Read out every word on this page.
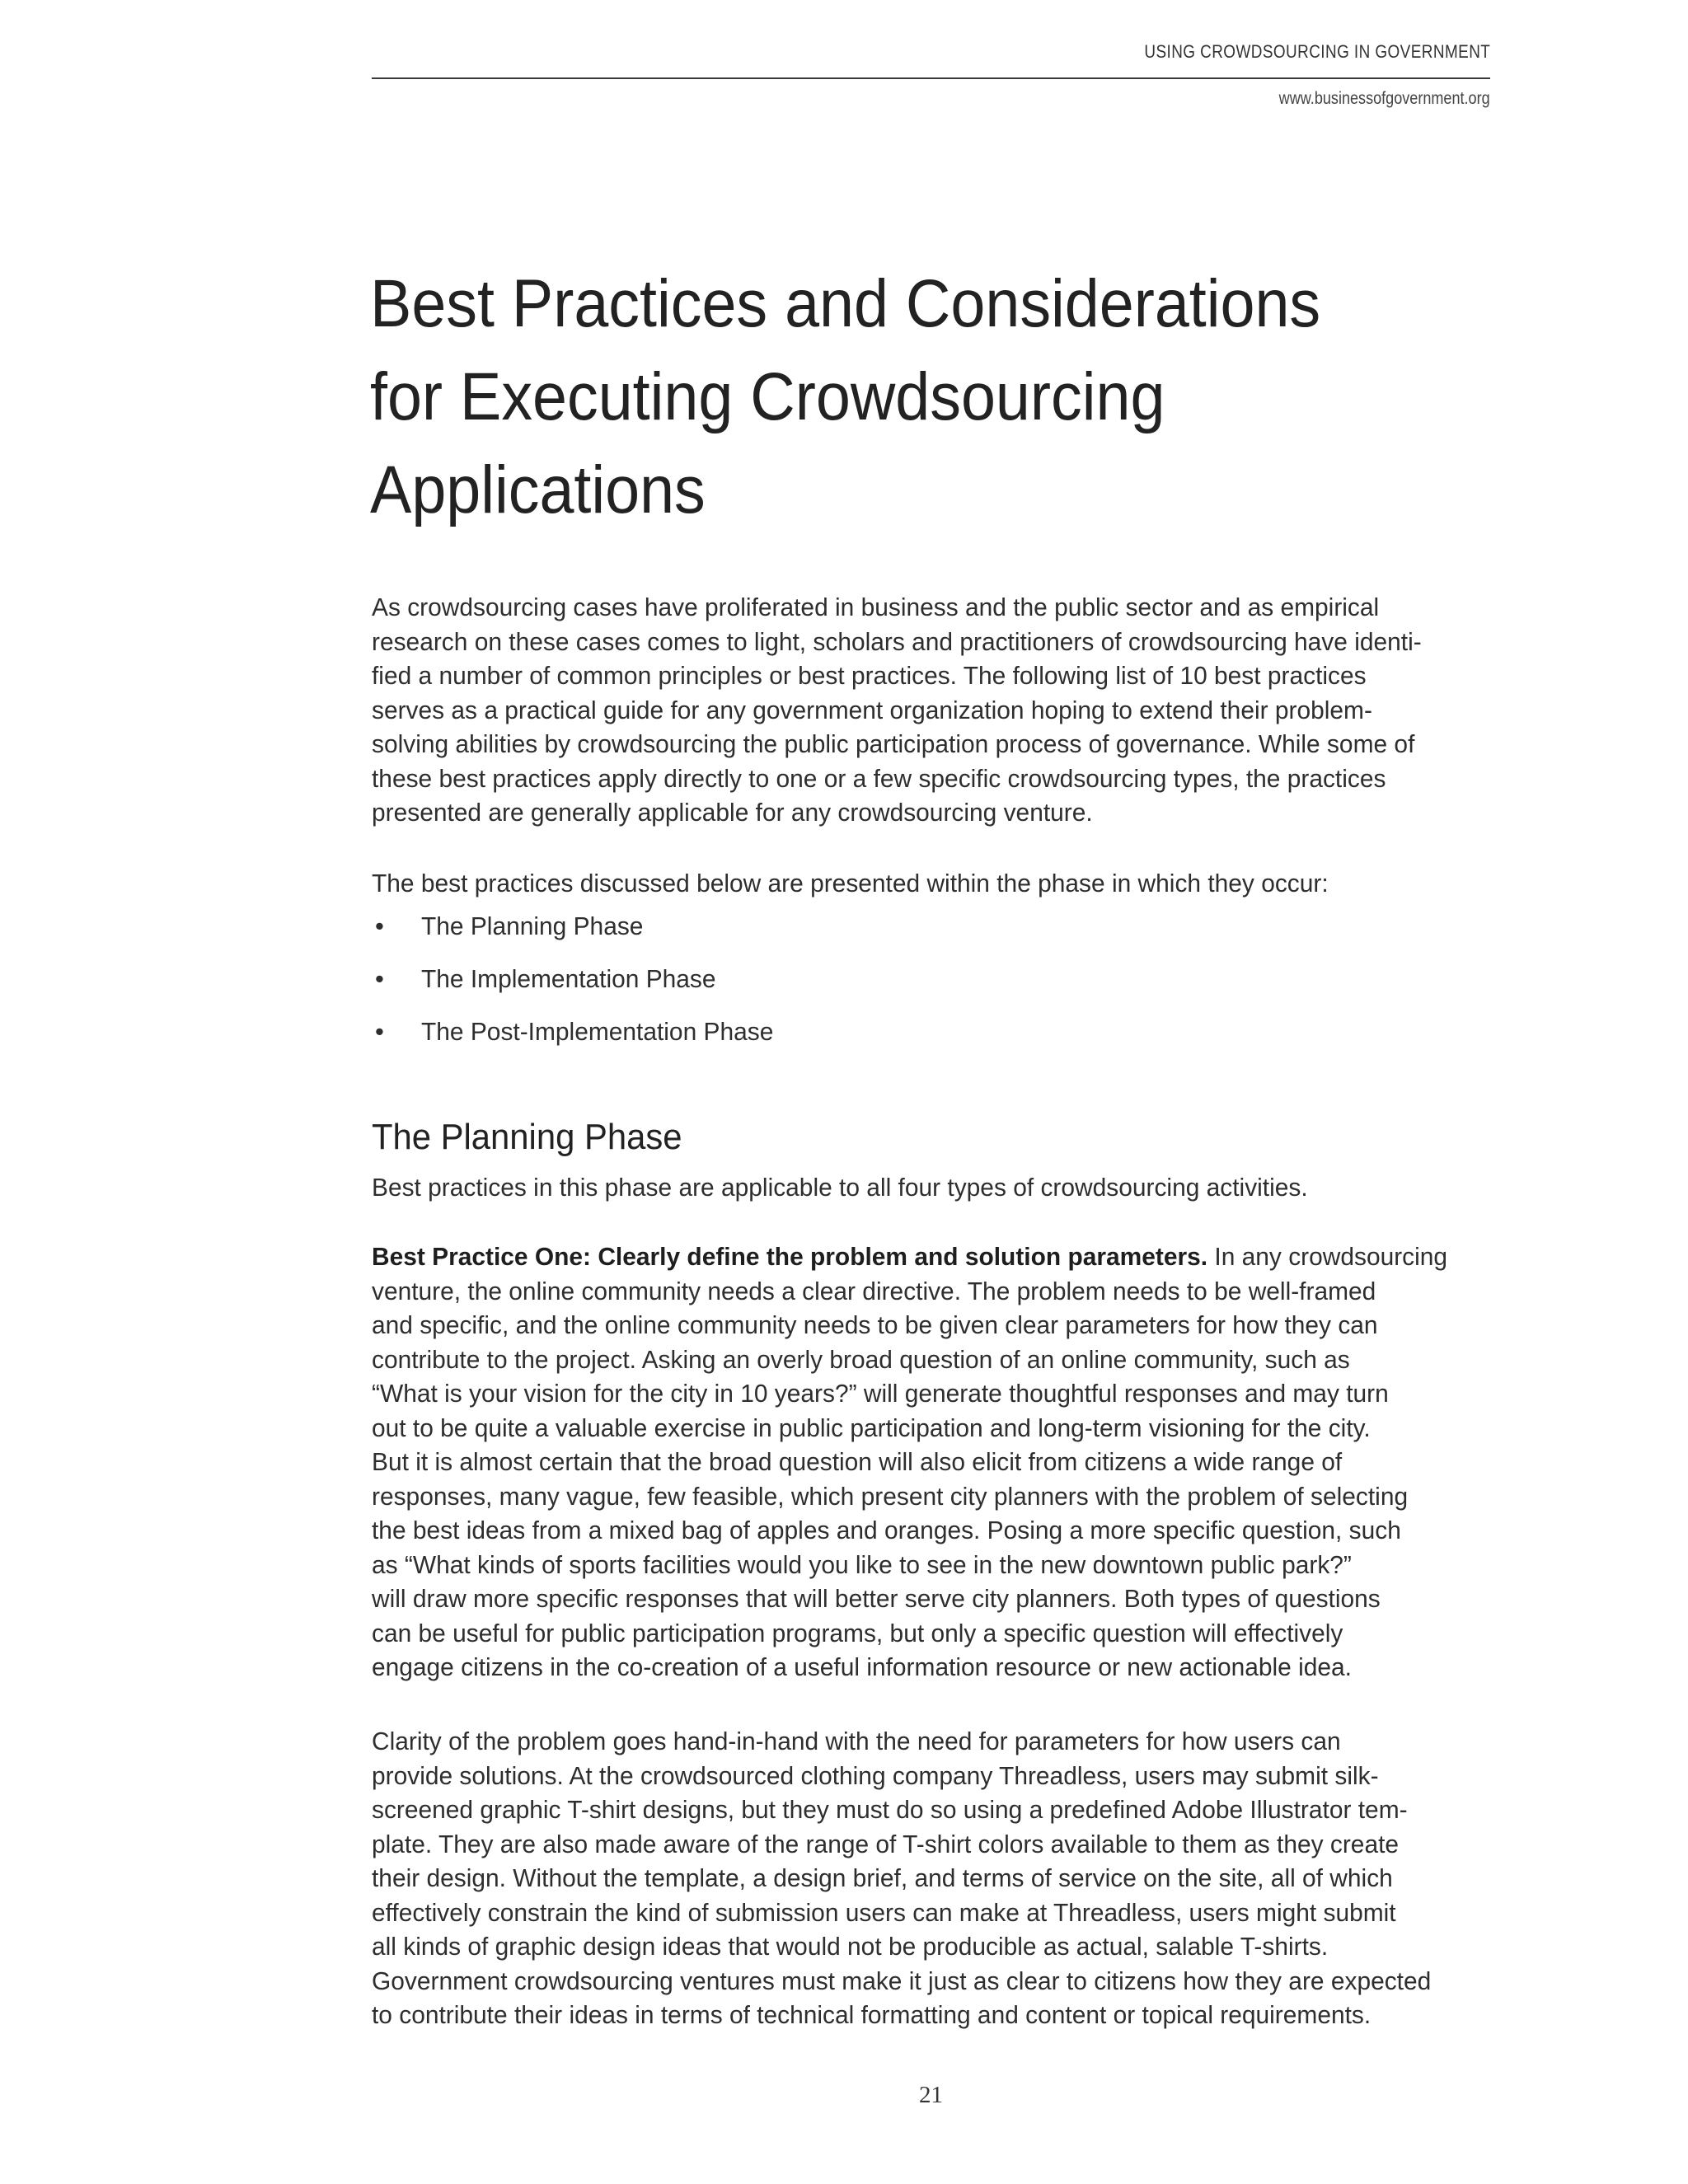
USING CROWDSOURCING IN GOVERNMENT
www.businessofgovernment.org
Best Practices and Considerations
for Executing Crowdsourcing
Applications

As crowdsourcing cases have proliferated in business and the public sector and as empirical
research on these cases comes to light, scholars and practitioners of crowdsourcing have identi-
fied a number of common principles or best practices. The following list of 10 best practices
serves as a practical guide for any government organization hoping to extend their problem-
solving abilities by crowdsourcing the public participation process of governance. While some of
these best practices apply directly to one or a few specific crowdsourcing types, the practices
presented are generally applicable for any crowdsourcing venture.

The best practices discussed below are presented within the phase in which they occur:

• The Planning Phase
• The Implementation Phase
• The Post-Implementation Phase
The Planning Phase

Best practices in this phase are applicable to all four types of crowdsourcing activities.

Best Practice One: Clearly define the problem and solution parameters. In any crowdsourcing
venture, the online community needs a clear directive. The problem needs to be well-framed
and specific, and the online community needs to be given clear parameters for how they can
contribute to the project. Asking an overly broad question of an online community, such as
“What is your vision for the city in 10 years?” will generate thoughtful responses and may turn
out to be quite a valuable exercise in public participation and long-term visioning for the city.
But it is almost certain that the broad question will also elicit from citizens a wide range of
responses, many vague, few feasible, which present city planners with the problem of selecting
the best ideas from a mixed bag of apples and oranges. Posing a more specific question, such
as “What kinds of sports facilities would you like to see in the new downtown public park?”
will draw more specific responses that will better serve city planners. Both types of questions
can be useful for public participation programs, but only a specific question will effectively
engage citizens in the co-creation of a useful information resource or new actionable idea.

Clarity of the problem goes hand-in-hand with the need for parameters for how users can
provide solutions. At the crowdsourced clothing company Threadless, users may submit silk-
screened graphic T-shirt designs, but they must do so using a predefined Adobe Illustrator tem-
plate. They are also made aware of the range of T-shirt colors available to them as they create
their design. Without the template, a design brief, and terms of service on the site, all of which
effectively constrain the kind of submission users can make at Threadless, users might submit
all kinds of graphic design ideas that would not be producible as actual, salable T-shirts.
Government crowdsourcing ventures must make it just as clear to citizens how they are expected
to contribute their ideas in terms of technical formatting and content or topical requirements.

21
